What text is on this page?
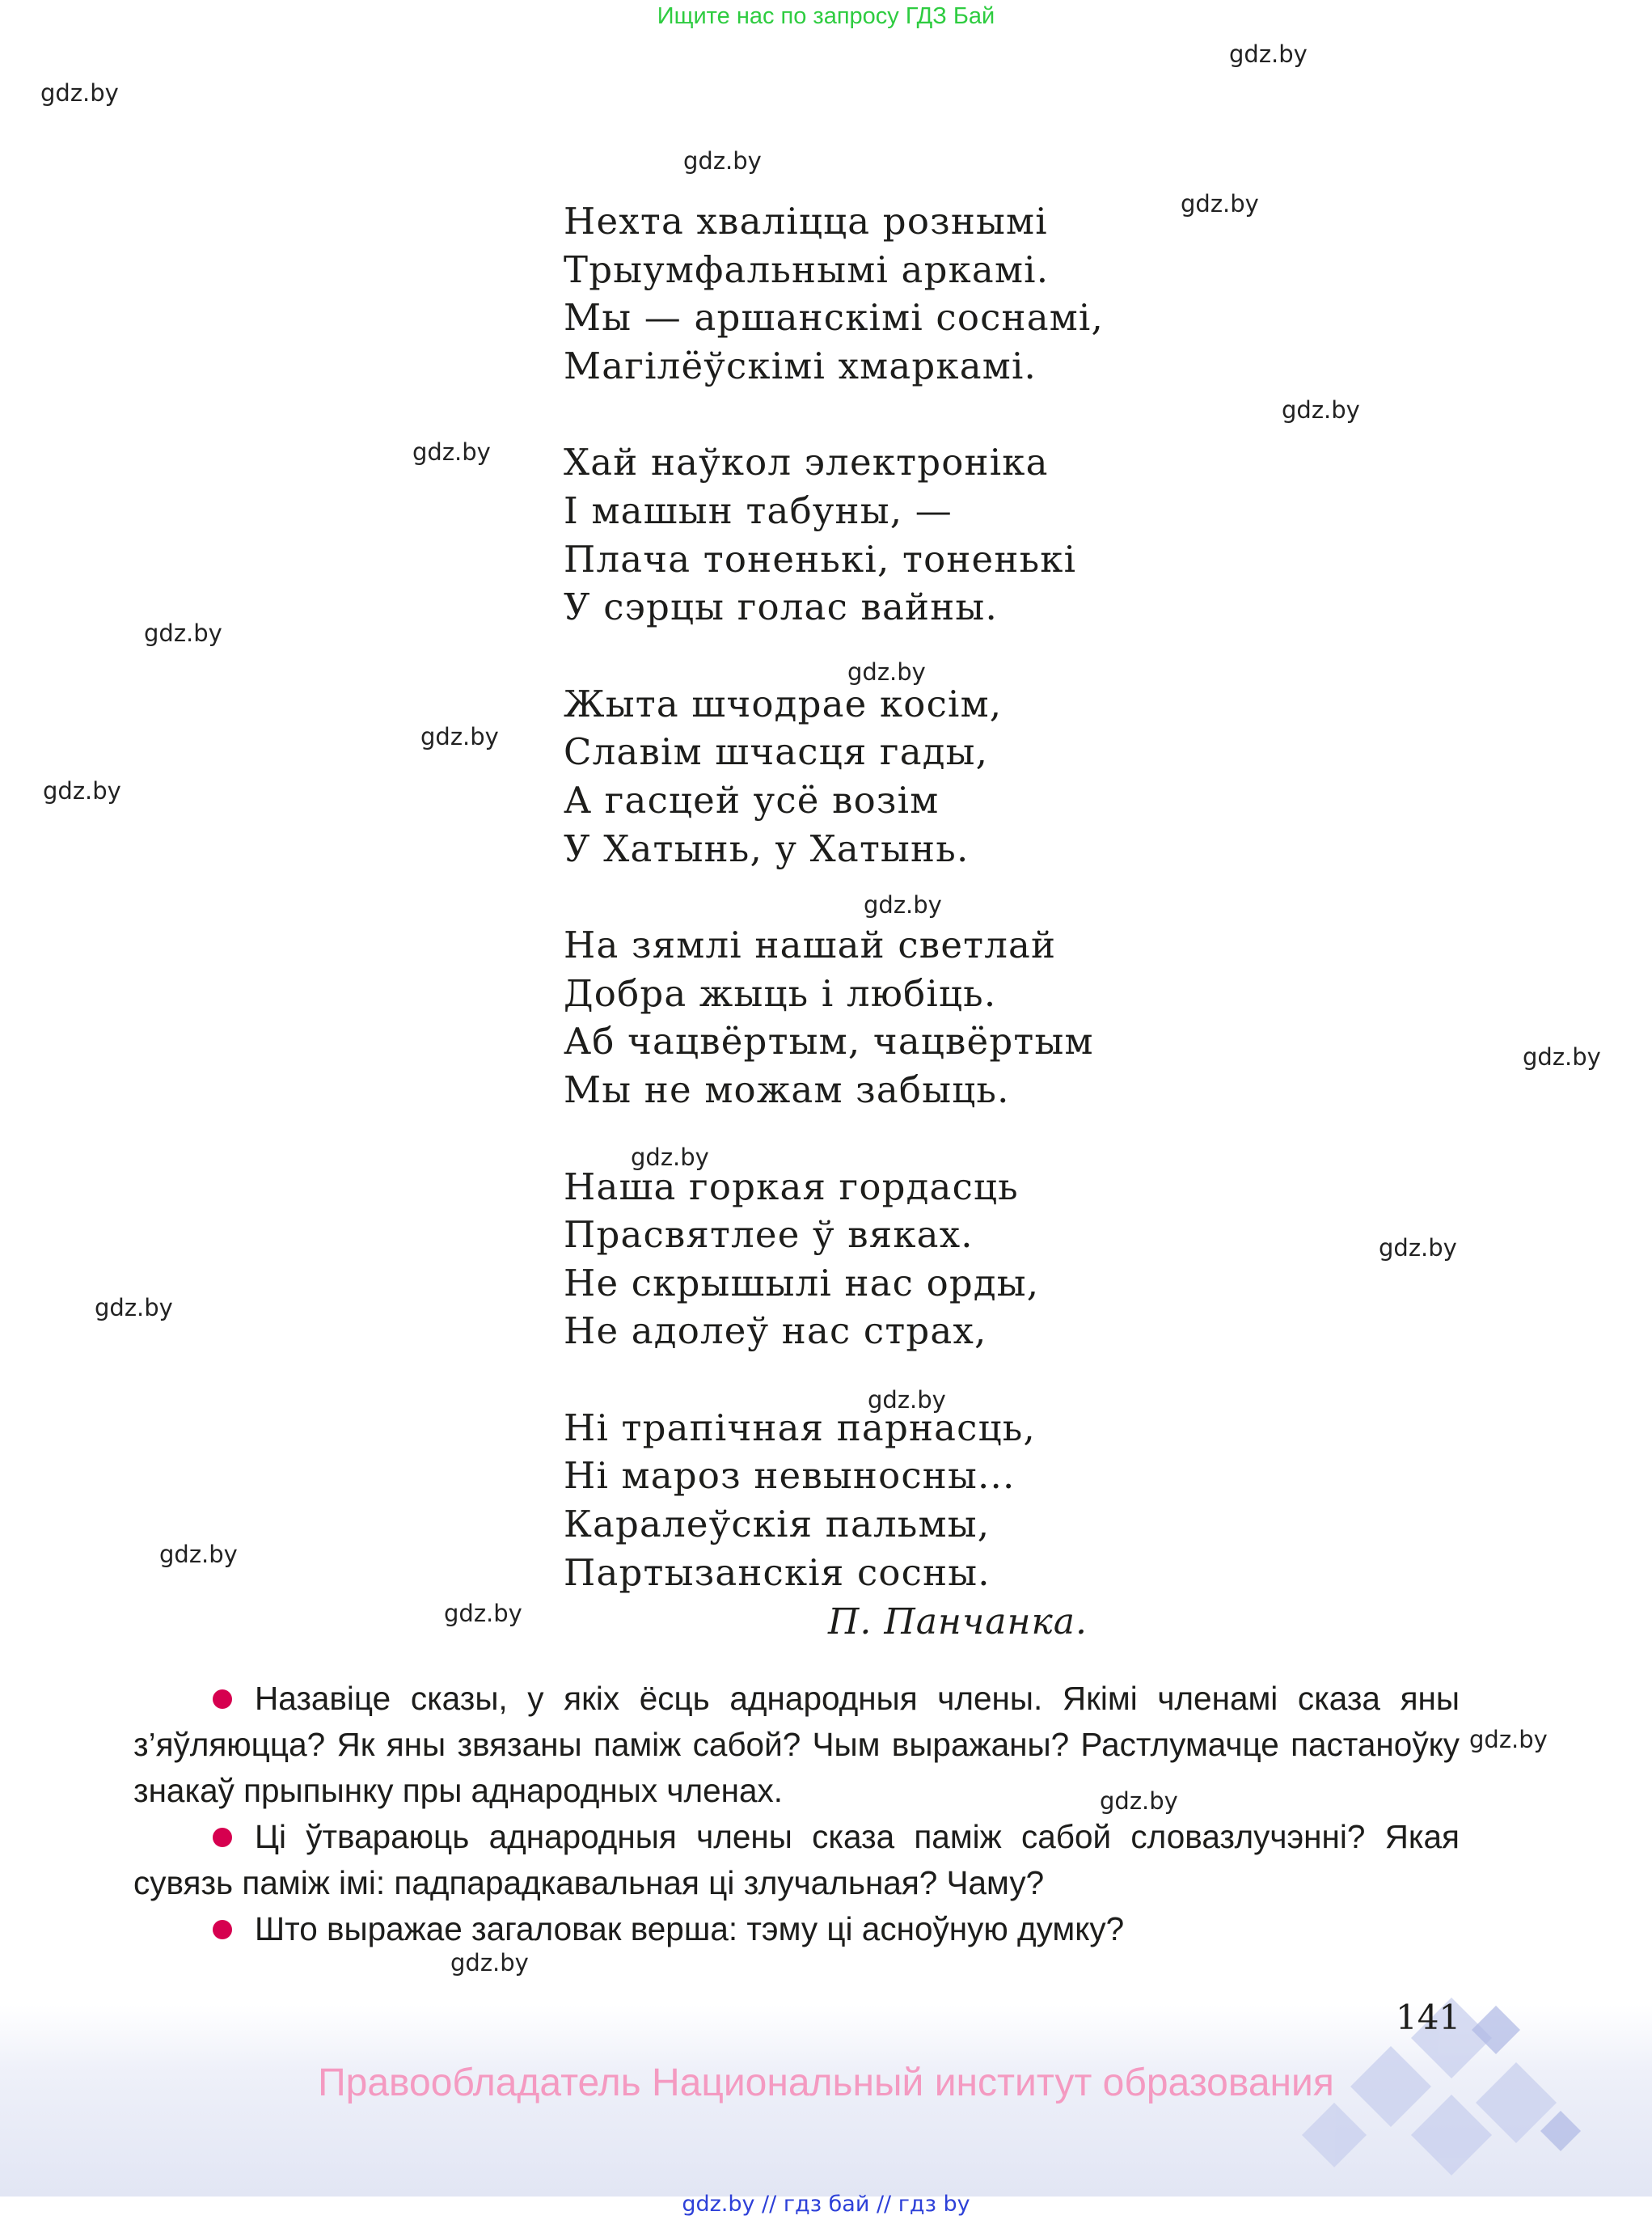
Ищите нас по запросу ГДЗ Бай
gdz.by
gdz.by
gdz.by
gdz.by
gdz.by
gdz.by
gdz.by
gdz.by
gdz.by
gdz.by
gdz.by
gdz.by
gdz.by
gdz.by
gdz.by
gdz.by
gdz.by
gdz.by
gdz.by
gdz.by
gdz.by
Нехта хваліцца рознымі
Трыумфальнымі аркамі.
Мы — аршанскімі соснамі,
Магілёўскімі хмаркамі.
Хай наўкол электроніка
І машын табуны, —
Плача тоненькі, тоненькі
У сэрцы голас вайны.
Жыта шчодрае косім,
Славім шчасця гады,
А гасцей усё возім
У Хатынь, у Хатынь.
На зямлі нашай светлай
Добра жыць і любіць.
Аб чацвёртым, чацвёртым
Мы не можам забыць.
Наша горкая гордасць
Прасвятлее ў вяках.
Не скрышылі нас орды,
Не адолеў нас страх,
Ні трапічная парнасць,
Ні мароз невыносны...
Каралеўскія пальмы,
Партызанскія сосны.
П. Панчанка.

Назавіце сказы, у якіх ёсць аднародныя члены. Якімі членамі сказа яны з’яўляюцца? Як яны звязаны паміж сабой? Чым выражаны? Растлумачце пастаноўку знакаў прыпынку пры аднародных членах.

Ці ўтвараюць аднародныя члены сказа паміж сабой словазлучэнні? Якая сувязь паміж імі: падпарадкавальная ці злучальная? Чаму?

Што выражае загаловак верша: тэму ці асноўную думку?

141
Правообладатель Национальный институт образования
gdz.by // гдз бай // гдз by
